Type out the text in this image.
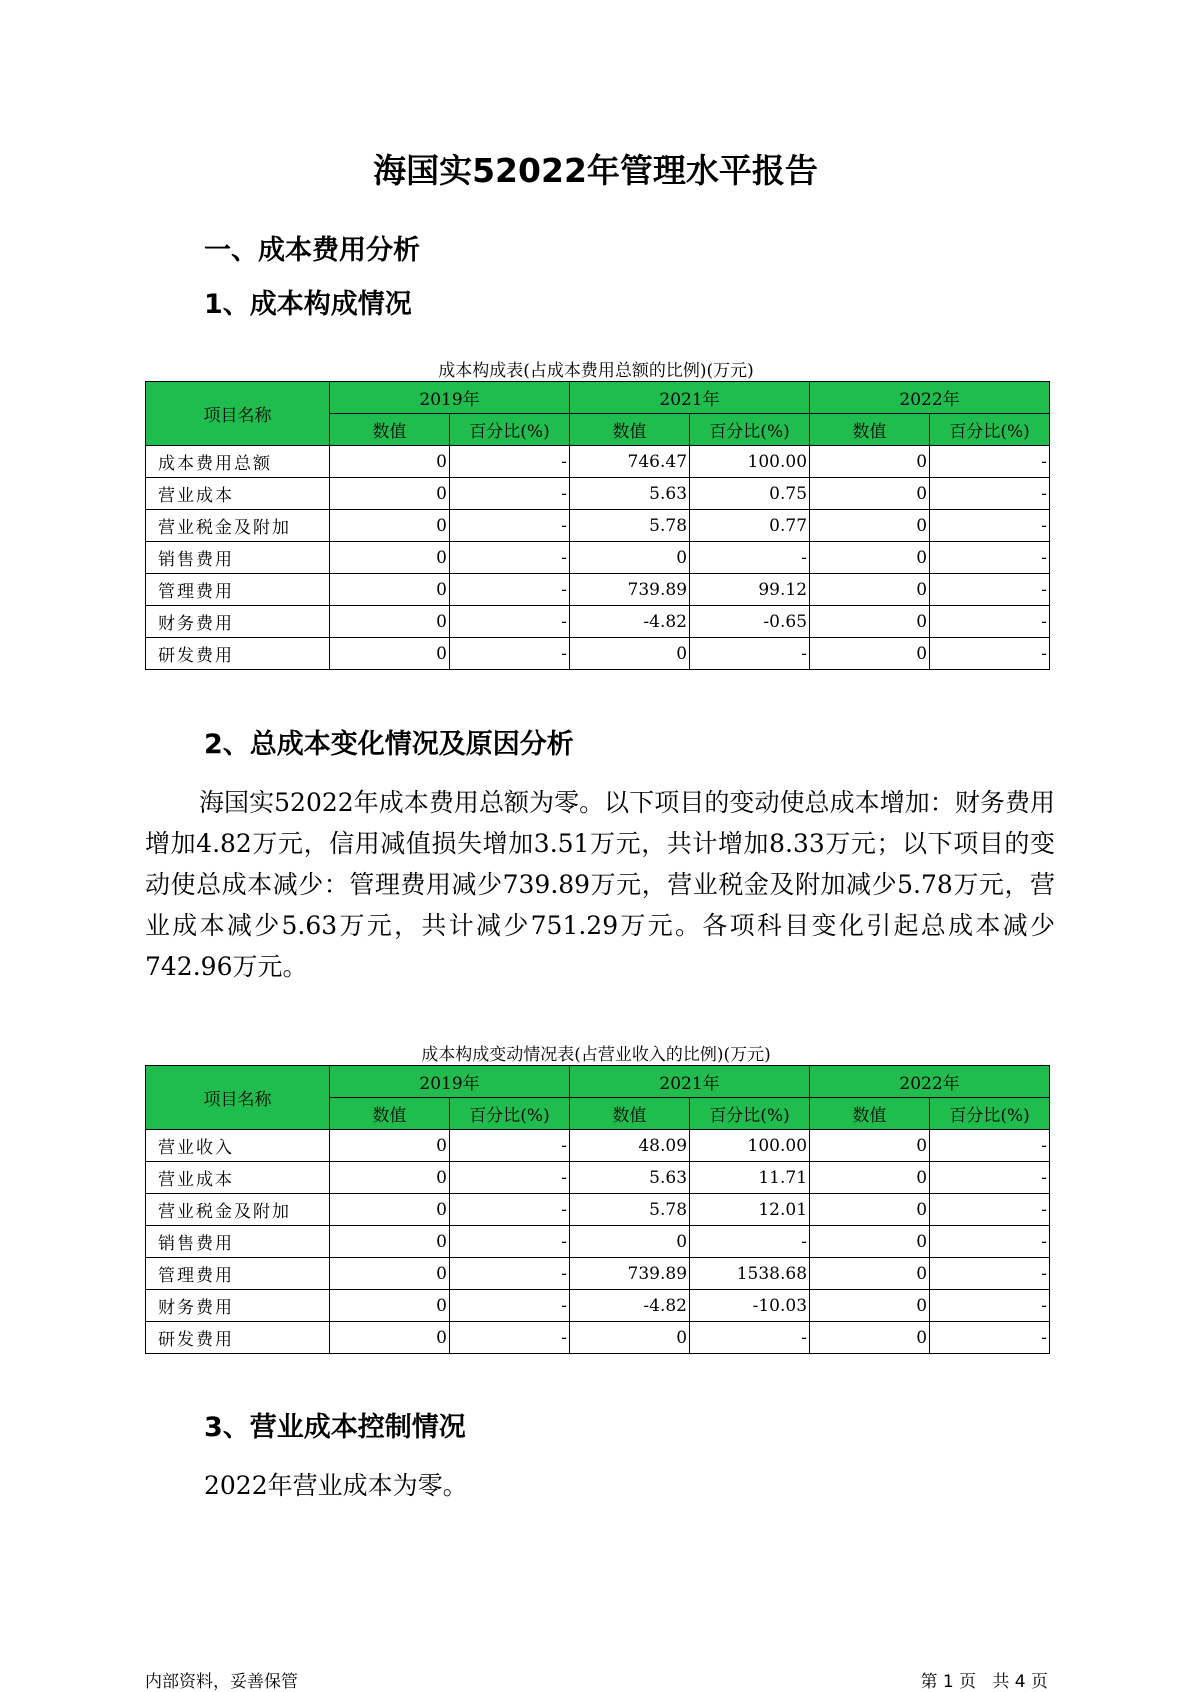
海国实52022年管理水平报告
一、成本费用分析
1、成本构成情况
成本构成表(占成本费用总额的比例)(万元)
项目名称	2019年		2021年		2022年	
	数值	百分比(%)	数值	百分比(%)	数值	百分比(%)
成本费用总额	0	-	746.47	100.00	0	-
营业成本	0	-	5.63	0.75	0	-
营业税金及附加	0	-	5.78	0.77	0	-
销售费用	0	-	0	-	0	-
管理费用	0	-	739.89	99.12	0	-
财务费用	0	-	-4.82	-0.65	0	-
研发费用	0	-	0	-	0	-
2、总成本变化情况及原因分析
海国实52022年成本费用总额为零。以下项目的变动使总成本增加：财务费用增加4.82万元，信用减值损失增加3.51万元，共计增加8.33万元；以下项目的变动使总成本减少：管理费用减少739.89万元，营业税金及附加减少5.78万元，营业成本减少5.63万元，共计减少751.29万元。各项科目变化引起总成本减少742.96万元。
成本构成变动情况表(占营业收入的比例)(万元)
项目名称	2019年		2021年		2022年	
	数值	百分比(%)	数值	百分比(%)	数值	百分比(%)
营业收入	0	-	48.09	100.00	0	-
营业成本	0	-	5.63	11.71	0	-
营业税金及附加	0	-	5.78	12.01	0	-
销售费用	0	-	0	-	0	-
管理费用	0	-	739.89	1538.68	0	-
财务费用	0	-	-4.82	-10.03	0	-
研发费用	0	-	0	-	0	-
3、营业成本控制情况
2022年营业成本为零。
内部资料，妥善保管	第 1 页   共 4 页
